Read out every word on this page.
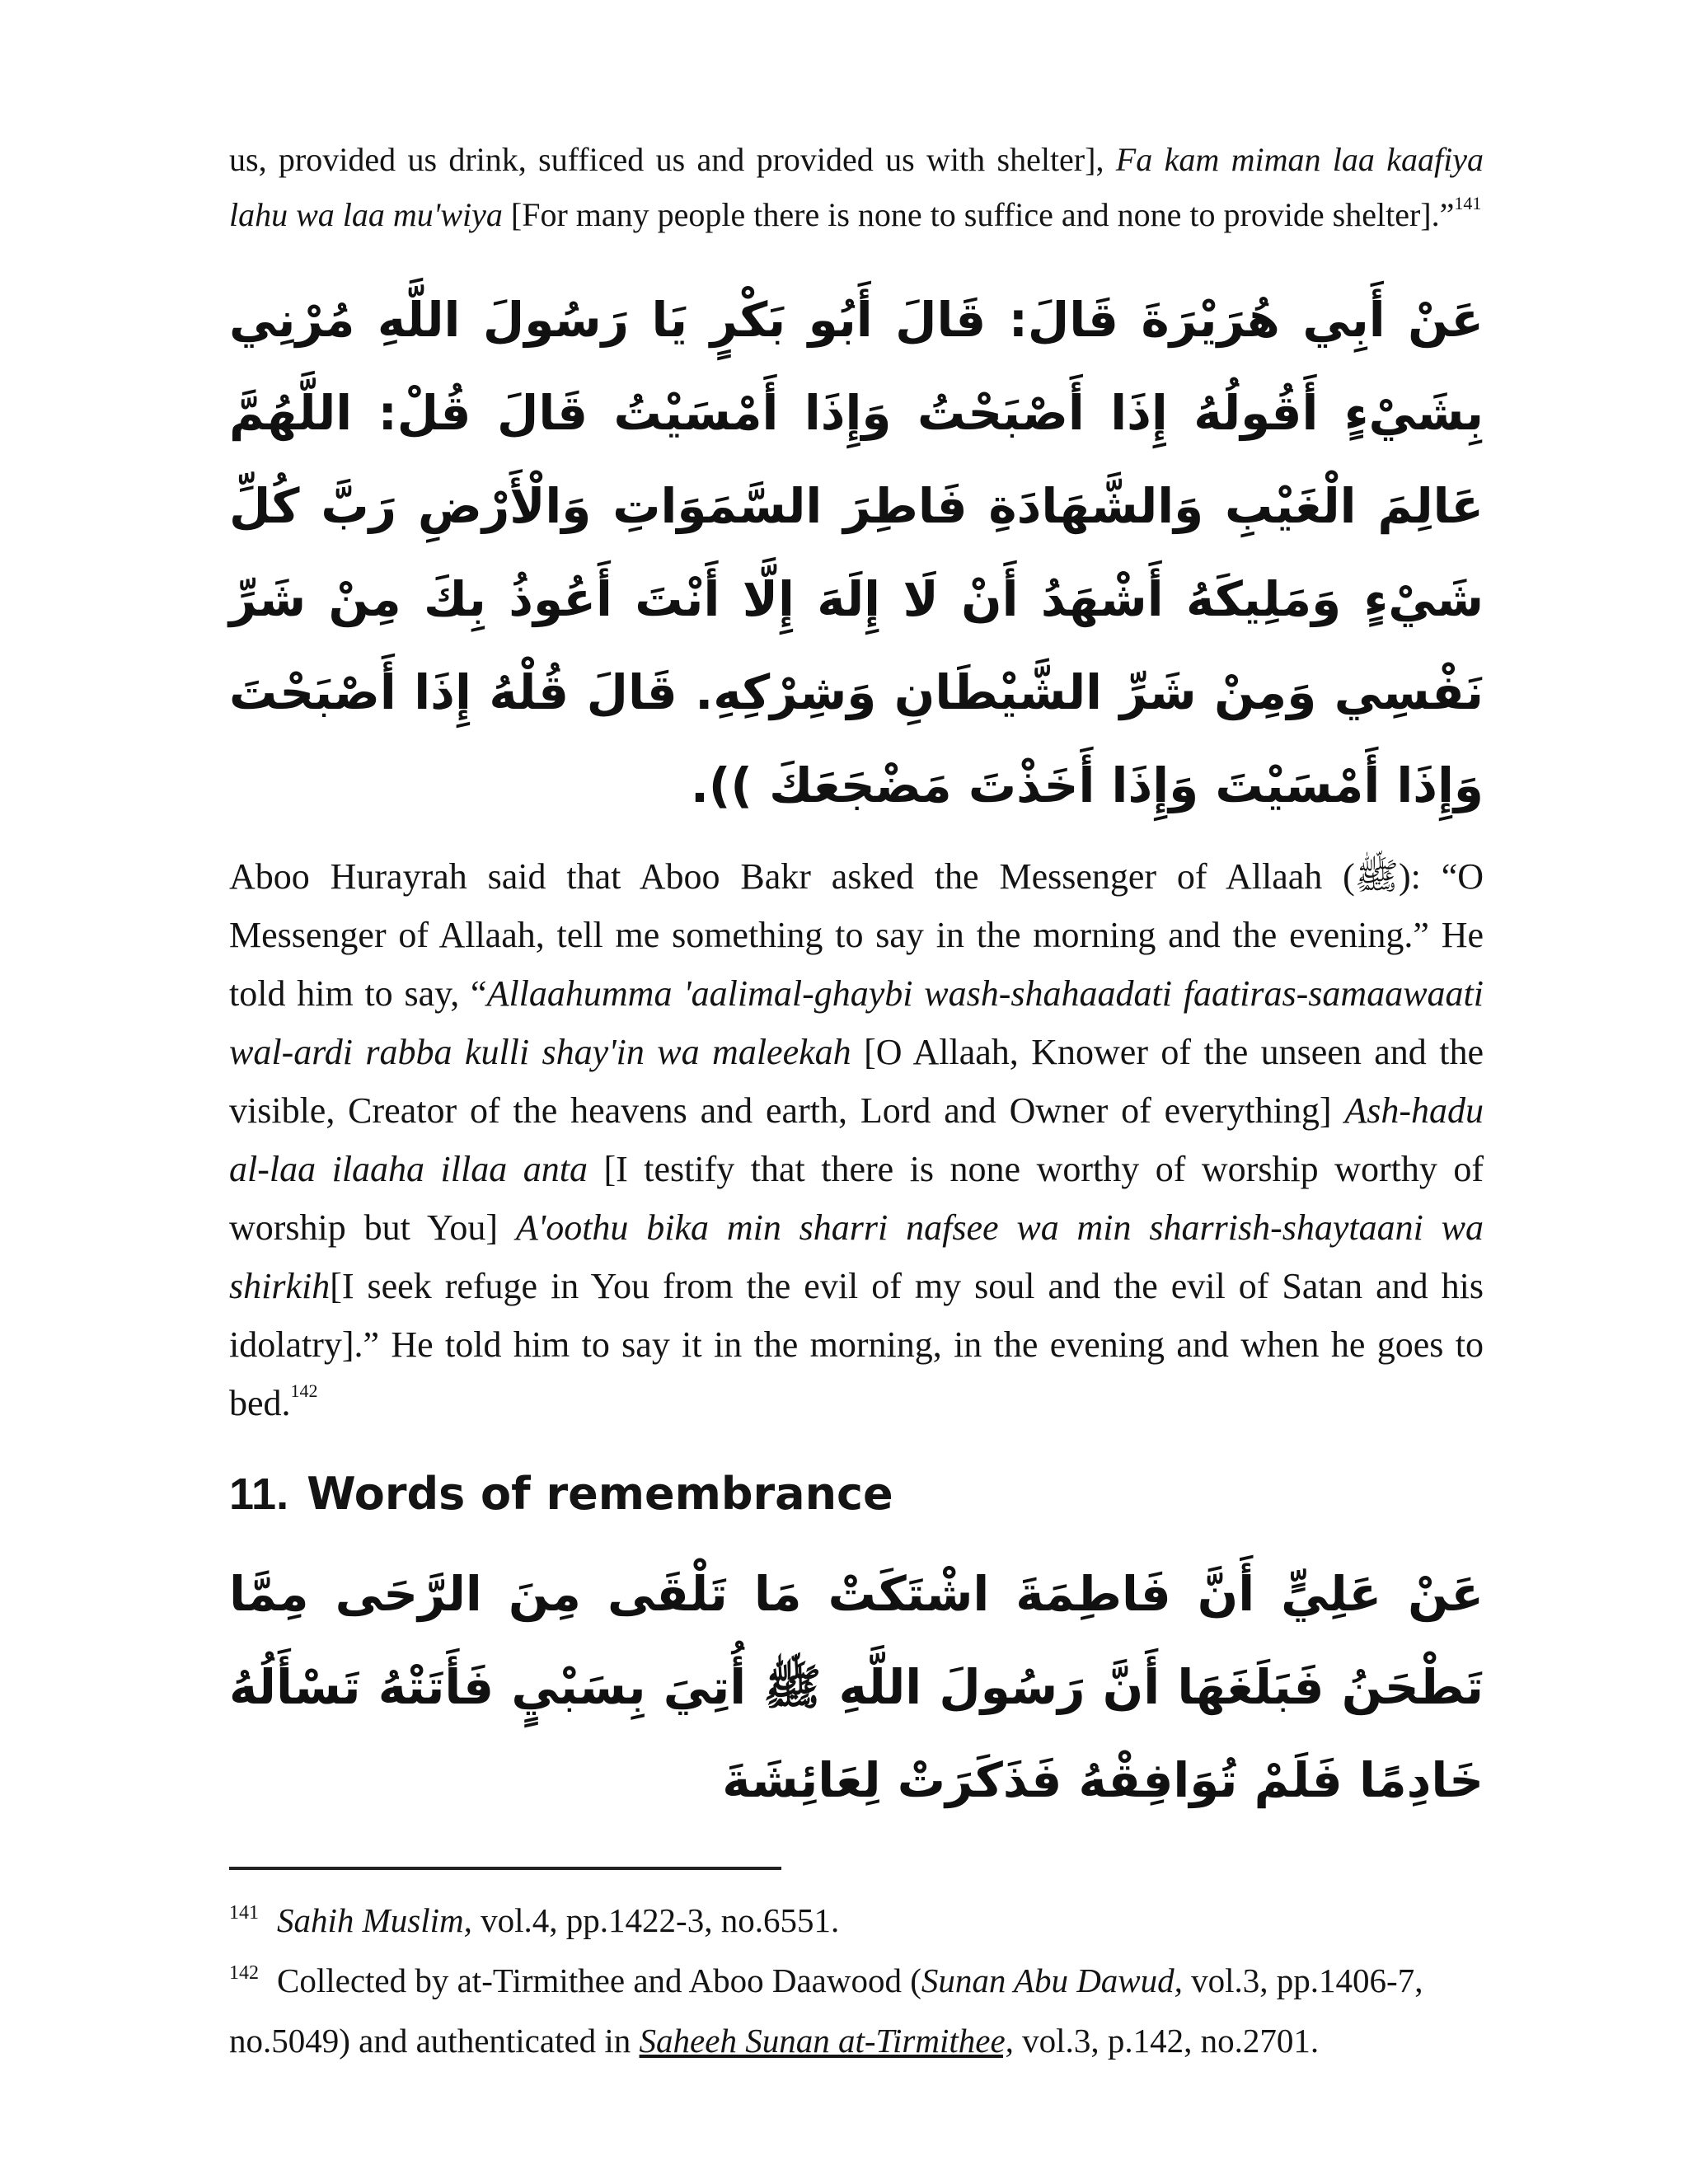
us, provided us drink, sufficed us and provided us with shelter], Fa kam miman laa kaafiya lahu wa laa mu'wiya [For many people there is none to suffice and none to provide shelter].”$^{141}$

عَنْ أَبِي هُرَيْرَةَ قَالَ: قَالَ أَبُو بَكْرٍ يَا رَسُولَ اللَّهِ مُرْنِي بِشَيْءٍ أَقُولُهُ إِذَا أَصْبَحْتُ وَإِذَا أَمْسَيْتُ قَالَ قُلْ: اللَّهُمَّ عَالِمَ الْغَيْبِ وَالشَّهَادَةِ فَاطِرَ السَّمَوَاتِ وَالْأَرْضِ رَبَّ كُلِّ شَيْءٍ وَمَلِيكَهُ أَشْهَدُ أَنْ لَا إِلَهَ إِلَّا أَنْتَ أَعُوذُ بِكَ مِنْ شَرِّ نَفْسِي وَمِنْ شَرِّ الشَّيْطَانِ وَشِرْكِهِ. قَالَ قُلْهُ إِذَا أَصْبَحْتَ وَإِذَا أَمْسَيْتَ وَإِذَا أَخَذْتَ مَضْجَعَكَ )).

Aboo Hurayrah said that Aboo Bakr asked the Messenger of Allaah (ﷺ): “O Messenger of Allaah, tell me something to say in the morning and the evening.” He told him to say, “Allaahumma 'aalimal-ghaybi wash-shahaadati faatiras-samaawaati wal-ardi rabba kulli shay'in wa maleekah [O Allaah, Knower of the unseen and the visible, Creator of the heavens and earth, Lord and Owner of everything] Ash-hadu al-laa ilaaha illaa anta [I testify that there is none worthy of worship worthy of worship but You] A'oothu bika min sharri nafsee wa min sharrish-shaytaani wa shirkih[I seek refuge in You from the evil of my soul and the evil of Satan and his idolatry].” He told him to say it in the morning, in the evening and when he goes to bed.$^{142}$

11. Words of remembrance

عَنْ عَلِيٍّ أَنَّ فَاطِمَةَ اشْتَكَتْ مَا تَلْقَى مِنَ الرَّحَى مِمَّا تَطْحَنُ فَبَلَغَهَا أَنَّ رَسُولَ اللَّهِ ﷺ أُتِيَ بِسَبْيٍ فَأَتَتْهُ تَسْأَلُهُ خَادِمًا فَلَمْ تُوَافِقْهُ فَذَكَرَتْ لِعَائِشَةَ

$^{141}$ Sahih Muslim, vol.4, pp.1422-3, no.6551.

$^{142}$ Collected by at-Tirmithee and Aboo Daawood (Sunan Abu Dawud, vol.3, pp.1406-7, no.5049) and authenticated in Saheeh Sunan at-Tirmithee, vol.3, p.142, no.2701.
